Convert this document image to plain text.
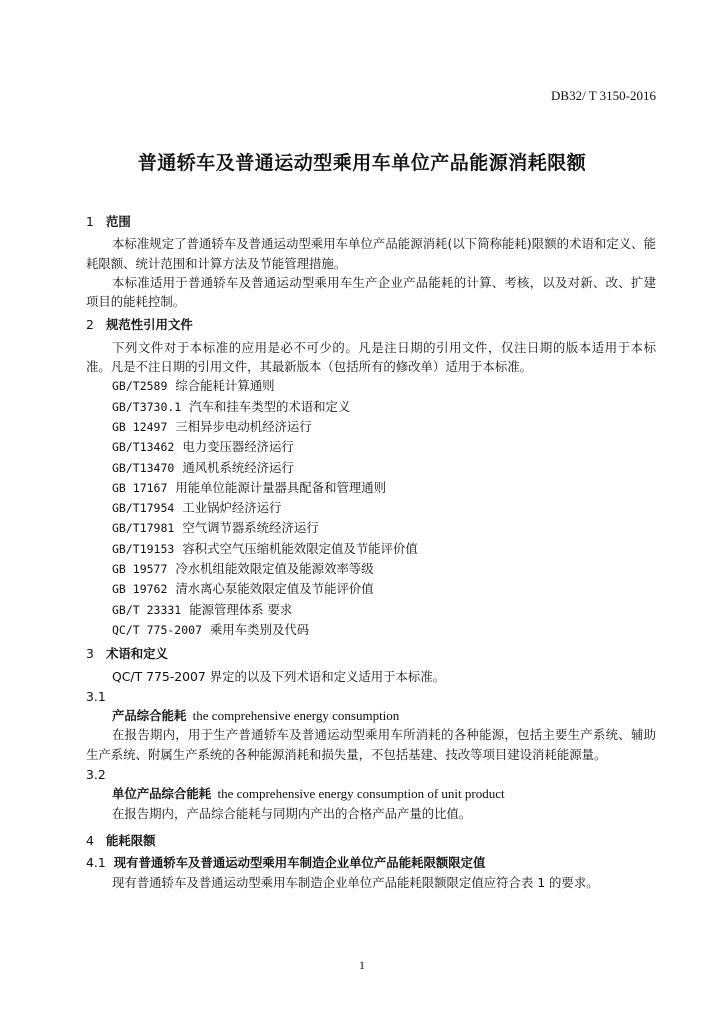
DB32/ T 3150-2016
普通轿车及普通运动型乘用车单位产品能源消耗限额
1 范围
本标准规定了普通轿车及普通运动型乘用车单位产品能源消耗(以下简称能耗)限额的术语和定义、能耗限额、统计范围和计算方法及节能管理措施。
本标准适用于普通轿车及普通运动型乘用车生产企业产品能耗的计算、考核，以及对新、改、扩建项目的能耗控制。
2 规范性引用文件
下列文件对于本标准的应用是必不可少的。凡是注日期的引用文件，仅注日期的版本适用于本标准。凡是不注日期的引用文件，其最新版本（包括所有的修改单）适用于本标准。
GB/T2589 综合能耗计算通则
GB/T3730.1 汽车和挂车类型的术语和定义
GB 12497 三相异步电动机经济运行
GB/T13462 电力变压器经济运行
GB/T13470 通风机系统经济运行
GB 17167 用能单位能源计量器具配备和管理通则
GB/T17954 工业锅炉经济运行
GB/T17981 空气调节器系统经济运行
GB/T19153 容积式空气压缩机能效限定值及节能评价值
GB 19577 冷水机组能效限定值及能源效率等级
GB 19762 清水离心泵能效限定值及节能评价值
GB/T 23331 能源管理体系 要求
QC/T 775-2007 乘用车类别及代码
3 术语和定义
QC/T 775-2007 界定的以及下列术语和定义适用于本标准。
3.1
产品综合能耗 the comprehensive energy consumption
在报告期内，用于生产普通轿车及普通运动型乘用车所消耗的各种能源，包括主要生产系统、辅助生产系统、附属生产系统的各种能源消耗和损失量，不包括基建、技改等项目建设消耗能源量。
3.2
单位产品综合能耗 the comprehensive energy consumption of unit product
在报告期内，产品综合能耗与同期内产出的合格产品产量的比值。
4 能耗限额
4.1 现有普通轿车及普通运动型乘用车制造企业单位产品能耗限额限定值
现有普通轿车及普通运动型乘用车制造企业单位产品能耗限额限定值应符合表 1 的要求。
1
